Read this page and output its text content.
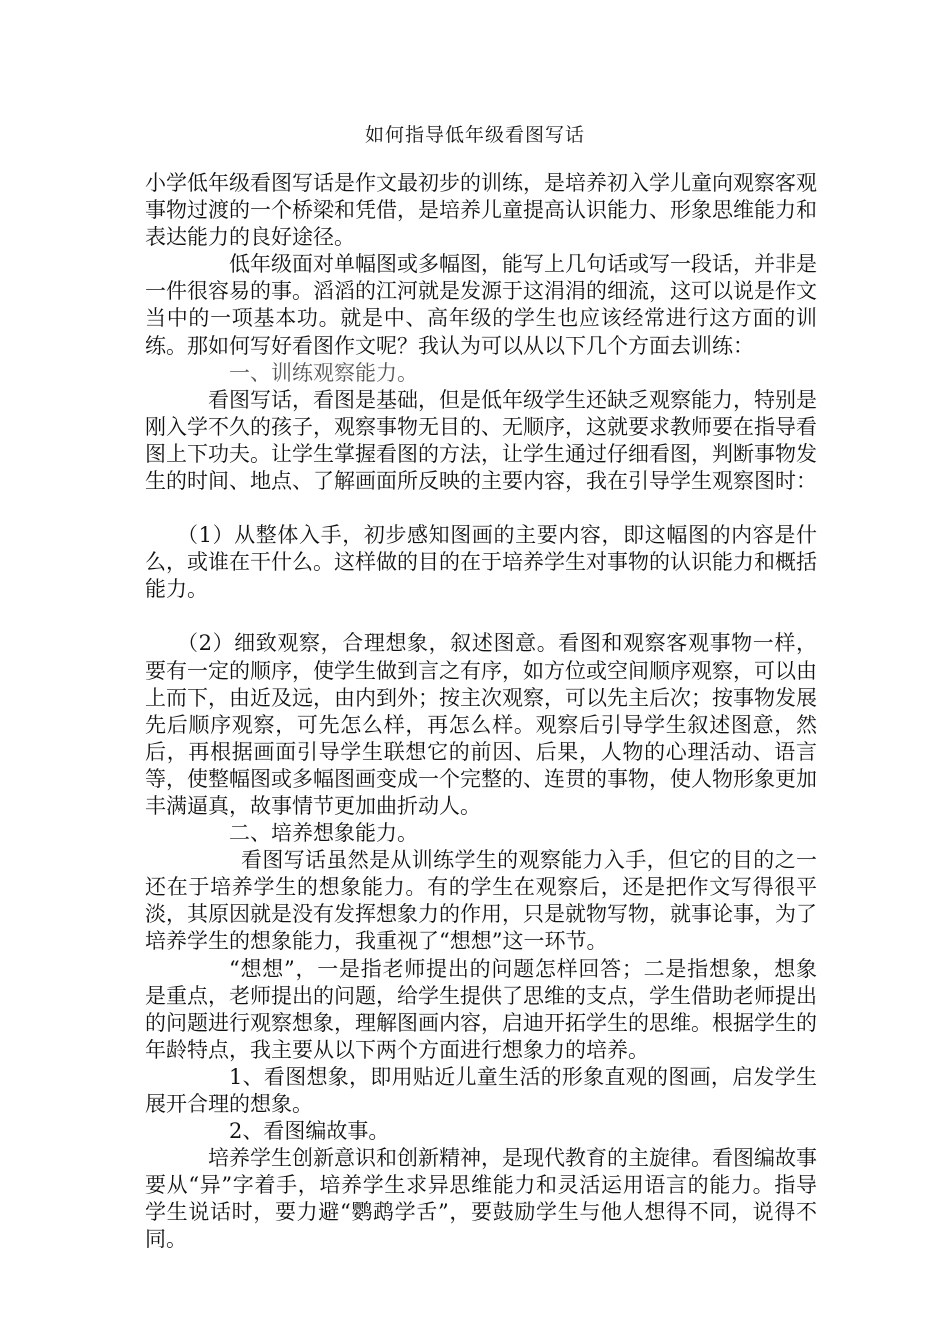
如何指导低年级看图写话

小学低年级看图写话是作文最初步的训练，是培养初入学儿童向观察客观事物过渡的一个桥梁和凭借，是培养儿童提高认识能力、形象思维能力和表达能力的良好途径。

低年级面对单幅图或多幅图，能写上几句话或写一段话，并非是一件很容易的事。滔滔的江河就是发源于这涓涓的细流，这可以说是作文当中的一项基本功。就是中、高年级的学生也应该经常进行这方面的训练。那如何写好看图作文呢？我认为可以从以下几个方面去训练：

一、训练观察能力。

看图写话，看图是基础，但是低年级学生还缺乏观察能力，特别是刚入学不久的孩子，观察事物无目的、无顺序，这就要求教师要在指导看图上下功夫。让学生掌握看图的方法，让学生通过仔细看图，判断事物发生的时间、地点、了解画面所反映的主要内容，我在引导学生观察图时：

（1）从整体入手，初步感知图画的主要内容，即这幅图的内容是什么，或谁在干什么。这样做的目的在于培养学生对事物的认识能力和概括能力。

（2）细致观察，合理想象，叙述图意。看图和观察客观事物一样，要有一定的顺序，使学生做到言之有序，如方位或空间顺序观察，可以由上而下，由近及远，由内到外；按主次观察，可以先主后次；按事物发展先后顺序观察，可先怎么样，再怎么样。观察后引导学生叙述图意，然后，再根据画面引导学生联想它的前因、后果，人物的心理活动、语言等，使整幅图或多幅图画变成一个完整的、连贯的事物，使人物形象更加丰满逼真，故事情节更加曲折动人。

二、培养想象能力。

看图写话虽然是从训练学生的观察能力入手，但它的目的之一还在于培养学生的想象能力。有的学生在观察后，还是把作文写得很平淡，其原因就是没有发挥想象力的作用，只是就物写物，就事论事，为了培养学生的想象能力，我重视了“想想”这一环节。

“想想”，一是指老师提出的问题怎样回答；二是指想象，想象是重点，老师提出的问题，给学生提供了思维的支点，学生借助老师提出的问题进行观察想象，理解图画内容，启迪开拓学生的思维。根据学生的年龄特点，我主要从以下两个方面进行想象力的培养。

1、看图想象，即用贴近儿童生活的形象直观的图画，启发学生展开合理的想象。

2、看图编故事。

培养学生创新意识和创新精神，是现代教育的主旋律。看图编故事要从“异”字着手，培养学生求异思维能力和灵活运用语言的能力。指导学生说话时，要力避“鹦鹉学舌”，要鼓励学生与他人想得不同，说得不同。
